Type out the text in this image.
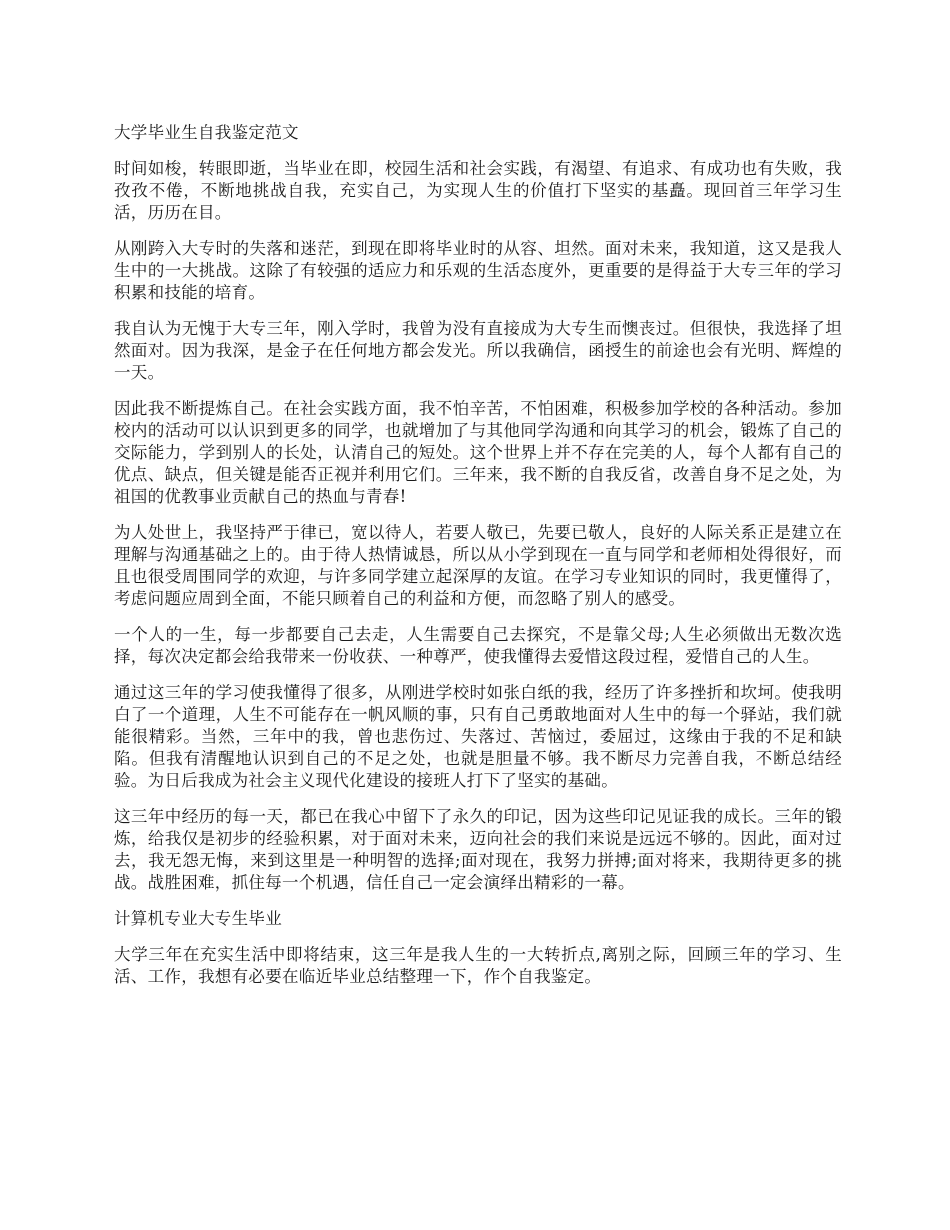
大学毕业生自我鉴定范文

时间如梭，转眼即逝，当毕业在即，校园生活和社会实践，有渴望、有追求、有成功也有失败，我孜孜不倦，不断地挑战自我，充实自己，为实现人生的价值打下坚实的基矗。现回首三年学习生活，历历在目。

从刚跨入大专时的失落和迷茫，到现在即将毕业时的从容、坦然。面对未来，我知道，这又是我人生中的一大挑战。这除了有较强的适应力和乐观的生活态度外，更重要的是得益于大专三年的学习积累和技能的培育。

我自认为无愧于大专三年，刚入学时，我曾为没有直接成为大专生而懊丧过。但很快，我选择了坦然面对。因为我深，是金子在任何地方都会发光。所以我确信，函授生的前途也会有光明、辉煌的一天。

因此我不断提炼自己。在社会实践方面，我不怕辛苦，不怕困难，积极参加学校的各种活动。参加校内的活动可以认识到更多的同学，也就增加了与其他同学沟通和向其学习的机会，锻炼了自己的交际能力，学到别人的长处，认清自己的短处。这个世界上并不存在完美的人，每个人都有自己的优点、缺点，但关键是能否正视并利用它们。三年来，我不断的自我反省，改善自身不足之处，为祖国的优教事业贡献自己的热血与青春!

为人处世上，我坚持严于律已，宽以待人，若要人敬已，先要已敬人，良好的人际关系正是建立在理解与沟通基础之上的。由于待人热情诚恳，所以从小学到现在一直与同学和老师相处得很好，而且也很受周围同学的欢迎，与许多同学建立起深厚的友谊。在学习专业知识的同时，我更懂得了，考虑问题应周到全面，不能只顾着自己的利益和方便，而忽略了别人的感受。

一个人的一生，每一步都要自己去走，人生需要自己去探究，不是靠父母;人生必须做出无数次选择，每次决定都会给我带来一份收获、一种尊严，使我懂得去爱惜这段过程，爱惜自己的人生。

通过这三年的学习使我懂得了很多，从刚进学校时如张白纸的我，经历了许多挫折和坎坷。使我明白了一个道理，人生不可能存在一帆风顺的事，只有自己勇敢地面对人生中的每一个驿站，我们就能很精彩。当然，三年中的我，曾也悲伤过、失落过、苦恼过，委屈过，这缘由于我的不足和缺陷。但我有清醒地认识到自己的不足之处，也就是胆量不够。我不断尽力完善自我，不断总结经验。为日后我成为社会主义现代化建设的接班人打下了坚实的基础。

这三年中经历的每一天，都已在我心中留下了永久的印记，因为这些印记见证我的成长。三年的锻炼，给我仅是初步的经验积累，对于面对未来，迈向社会的我们来说是远远不够的。因此，面对过去，我无怨无悔，来到这里是一种明智的选择;面对现在，我努力拼搏;面对将来，我期待更多的挑战。战胜困难，抓住每一个机遇，信任自己一定会演绎出精彩的一幕。

计算机专业大专生毕业

大学三年在充实生活中即将结束，这三年是我人生的一大转折点,离别之际，回顾三年的学习、生活、工作，我想有必要在临近毕业总结整理一下，作个自我鉴定。
